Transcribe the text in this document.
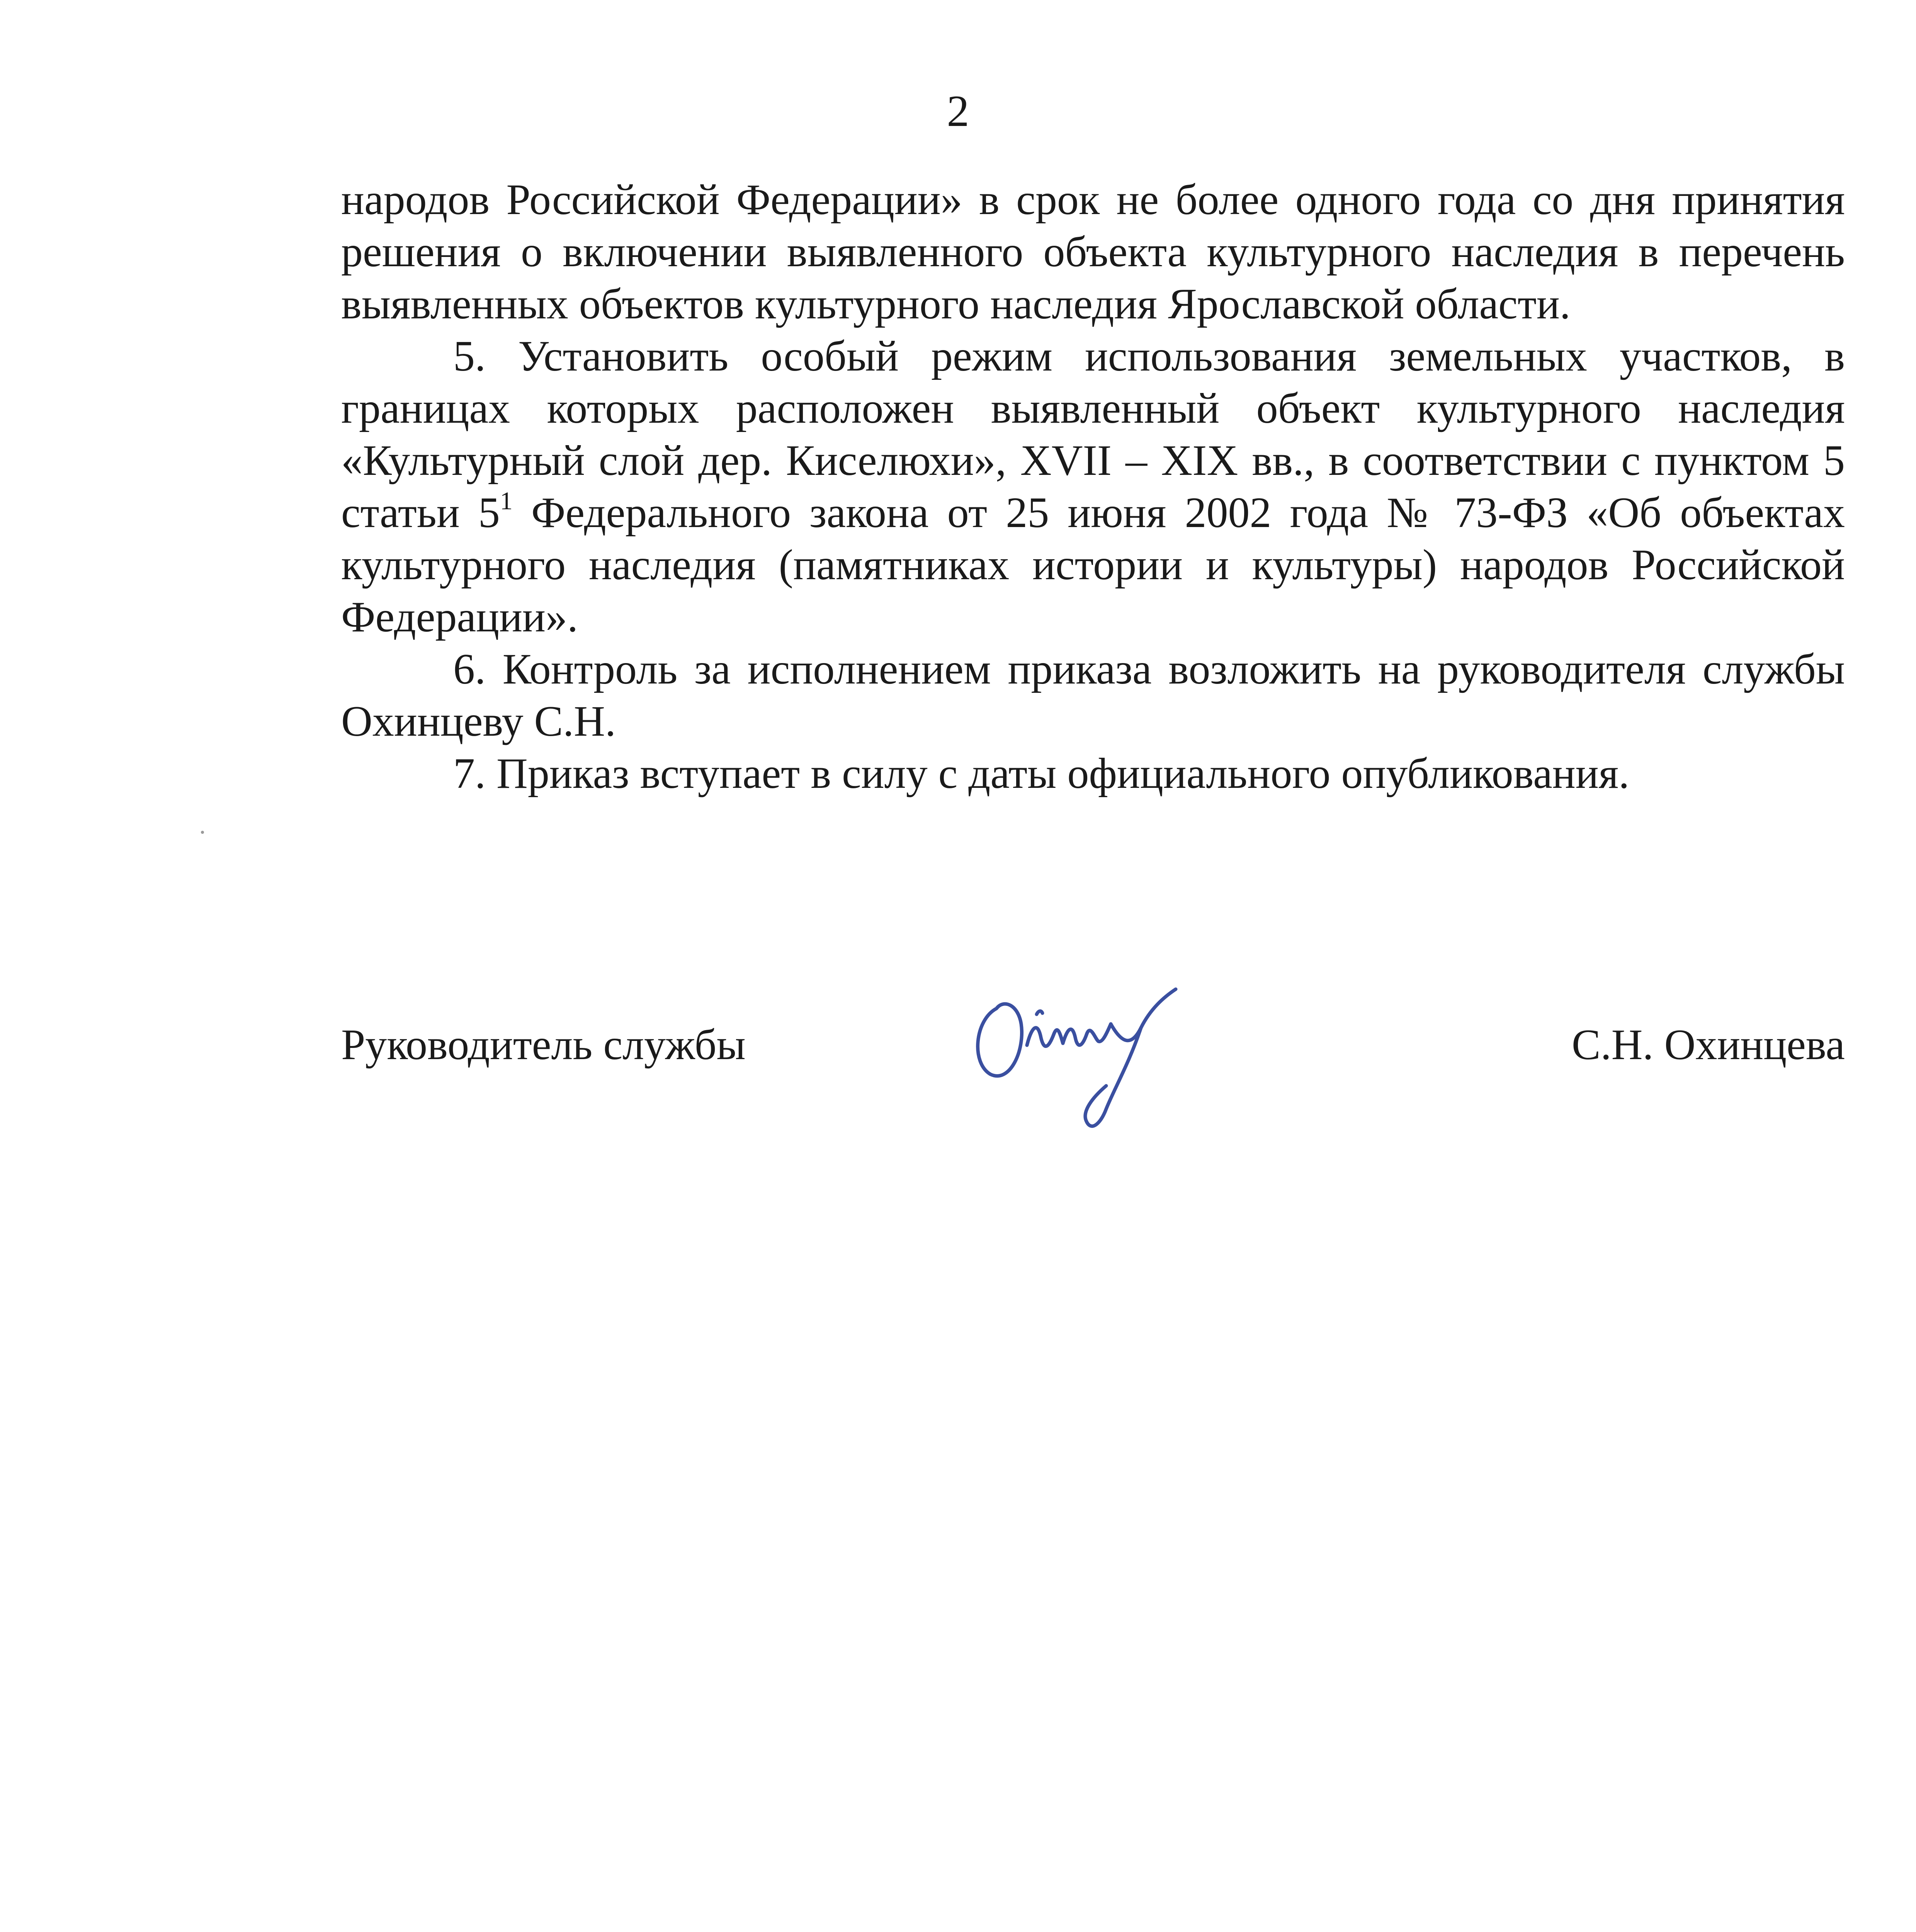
2

народов Российской Федерации» в срок не более одного года со дня принятия решения о включении выявленного объекта культурного наследия в перечень выявленных объектов культурного наследия Ярославской области.

5. Установить особый режим использования земельных участков, в границах которых расположен выявленный объект культурного наследия «Культурный слой дер. Киселюхи», XVII – XIX вв., в соответствии с пунктом 5 статьи $5^1$ Федерального закона от 25 июня 2002 года № 73-ФЗ «Об объектах культурного наследия (памятниках истории и культуры) народов Российской Федерации».

6. Контроль за исполнением приказа возложить на руководителя службы Охинцеву С.Н.

7. Приказ вступает в силу с даты официального опубликования.

Руководитель службы	С.Н. Охинцева
